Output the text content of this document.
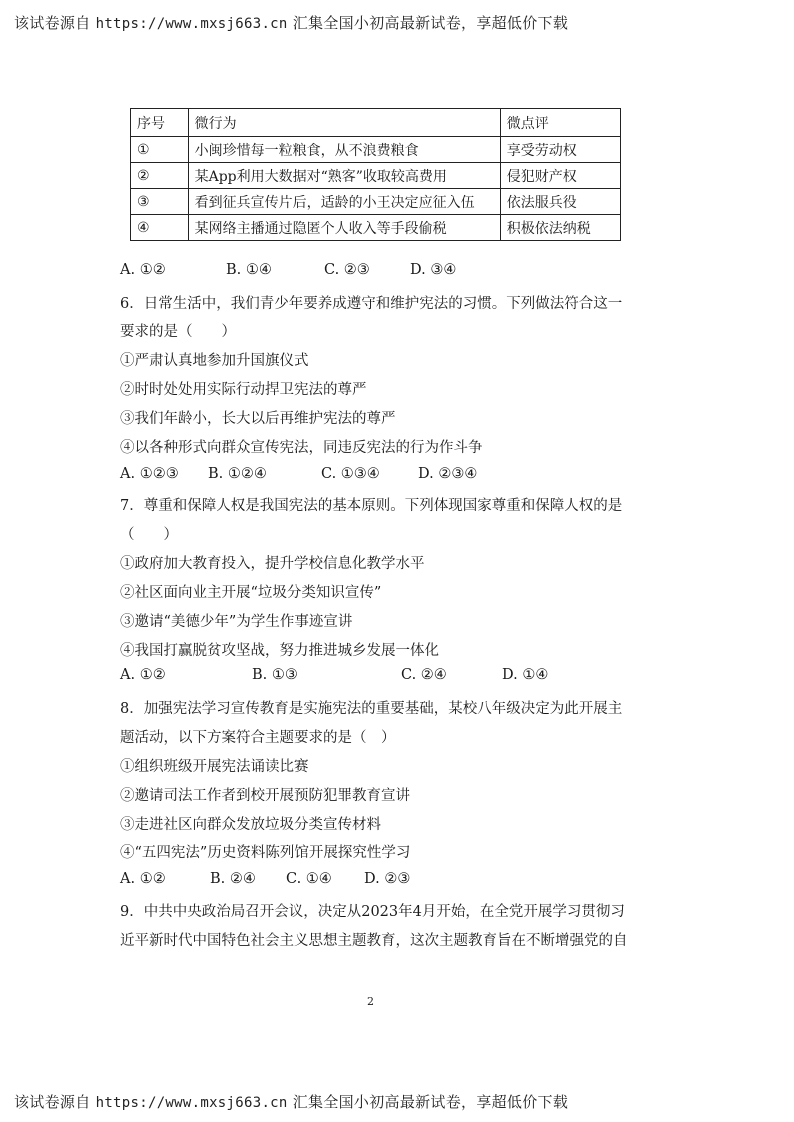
该试卷源自 https://www.mxsj663.cn 汇集全国小初高最新试卷，享超低价下载
序号	微行为	微点评
①	小闽珍惜每一粒粮食，从不浪费粮食	享受劳动权
②	某App利用大数据对“熟客”收取较高费用	侵犯财产权
③	看到征兵宣传片后，适龄的小王决定应征入伍	依法服兵役
④	某网络主播通过隐匿个人收入等手段偷税	积极依法纳税
A. ①②	B. ①④	C. ②③	D. ③④
6．日常生活中，我们青少年要养成遵守和维护宪法的习惯。下列做法符合这一
要求的是（　　）
①严肃认真地参加升国旗仪式
②时时处处用实际行动捍卫宪法的尊严
③我们年龄小，长大以后再维护宪法的尊严
④以各种形式向群众宣传宪法，同违反宪法的行为作斗争
A. ①②③ B. ①②④	C. ①③④	D. ②③④
7．尊重和保障人权是我国宪法的基本原则。下列体现国家尊重和保障人权的是
（　　）
①政府加大教育投入，提升学校信息化教学水平
②社区面向业主开展“垃圾分类知识宣传”
③邀请“美德少年”为学生作事迹宣讲
④我国打赢脱贫攻坚战，努力推进城乡发展一体化
A. ①②	B. ①③	C. ②④	D. ①④
8．加强宪法学习宣传教育是实施宪法的重要基础，某校八年级决定为此开展主
题活动，以下方案符合主题要求的是（　）
①组织班级开展宪法诵读比赛
②邀请司法工作者到校开展预防犯罪教育宣讲
③走进社区向群众发放垃圾分类宣传材料
④“五四宪法”历史资料陈列馆开展探究性学习
A. ①②	B. ②④ C. ①④ D. ②③
9．中共中央政治局召开会议，决定从2023年4月开始，在全党开展学习贯彻习
近平新时代中国特色社会主义思想主题教育，这次主题教育旨在不断增强党的自
2
该试卷源自 https://www.mxsj663.cn 汇集全国小初高最新试卷，享超低价下载
